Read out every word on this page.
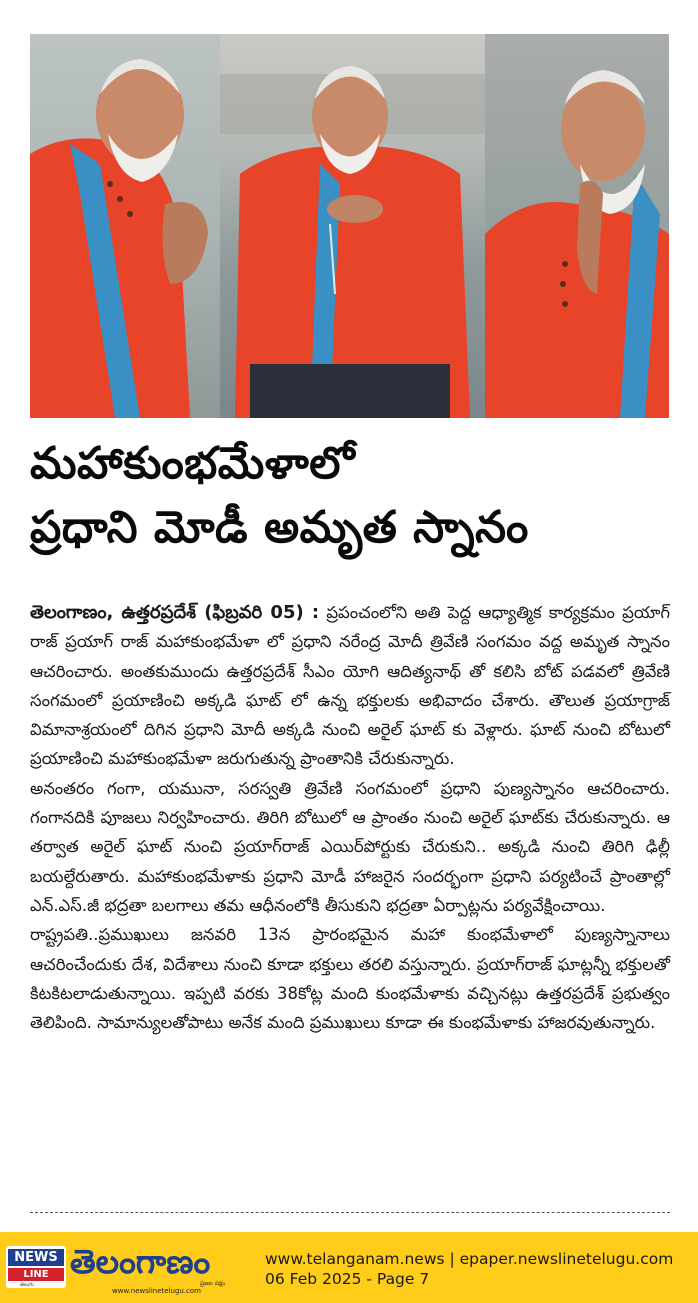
మహాకుంభమేళాలో
ప్రధాని మోడీ అమృత స్నానం

తెలంగాణం, ఉత్తరప్రదేశ్ (ఫిబ్రవరి 05) : ప్రపంచంలోని అతి పెద్ద ఆధ్యాత్మిక కార్యక్రమం ప్రయాగ్ రాజ్ ప్రయాగ్ రాజ్ మహాకుంభమేళా లో ప్రధాని నరేంద్ర మోదీ త్రివేణి సంగమం వద్ద అమృత స్నానం ఆచరించారు. అంతకుముందు ఉత్తరప్రదేశ్ సీఎం యోగి ఆదిత్యనాథ్ తో కలిసి బోట్ పడవలో త్రివేణి సంగమంలో ప్రయాణించి అక్కడి ఘాట్ లో ఉన్న భక్తులకు అభివాదం చేశారు. తౌలుత ప్రయాగ్రాజ్ విమానాశ్రయంలో దిగిన ప్రధాని మోదీ అక్కడి నుంచి అరైల్ ఘాట్ కు వెళ్లారు. ఘాట్ నుంచి బోటులో ప్రయాణించి మహాకుంభమేళా జరుగుతున్న ప్రాంతానికి చేరుకున్నారు.

అనంతరం గంగా, యమునా, సరస్వతి త్రివేణి సంగమంలో ప్రధాని పుణ్యస్నానం ఆచరించారు. గంగానదికి పూజలు నిర్వహించారు. తిరిగి బోటులో ఆ ప్రాంతం నుంచి అరైల్ ఘాట్‌కు చేరుకున్నారు. ఆ తర్వాత అరైల్ ఘాట్ నుంచి ప్రయాగ్‌రాజ్ ఎయిర్‌పోర్టుకు చేరుకుని.. అక్కడి నుంచి తిరిగి ఢిల్లీ బయల్దేరుతారు. మహాకుంభమేళాకు ప్రధాని మోడీ హాజరైన సందర్భంగా ప్రధాని పర్యటించే ప్రాంతాల్లో ఎన్.ఎస్.జీ భద్రతా బలగాలు తమ ఆధీనంలోకి తీసుకుని భద్రతా ఏర్పాట్లను పర్యవేక్షించాయి.

రాష్ట్రపతి..ప్రముఖులు జనవరి 13న ప్రారంభమైన మహా కుంభమేళాలో పుణ్యస్నానాలు ఆచరించేందుకు దేశ, విదేశాలు నుంచి కూడా భక్తులు తరలి వస్తున్నారు. ప్రయాగ్‌రాజ్ ఘాట్లన్నీ భక్తులతో కిటకిటలాడుతున్నాయి. ఇప్పటి వరకు 38కోట్ల మంది కుంభమేళాకు వచ్చినట్లు ఉత్తరప్రదేశ్ ప్రభుత్వం తెలిపింది. సామాన్యులతోపాటు అనేక మంది ప్రముఖులు కూడా ఈ కుంభమేళాకు హాజరవుతున్నారు.

NEWS
LINE
తెలుగు
తెలంగాణం
ప్రజల పక్షం
www.newslinetelugu.com
www.telanganam.news | epaper.newslinetelugu.com
06 Feb 2025 - Page 7
